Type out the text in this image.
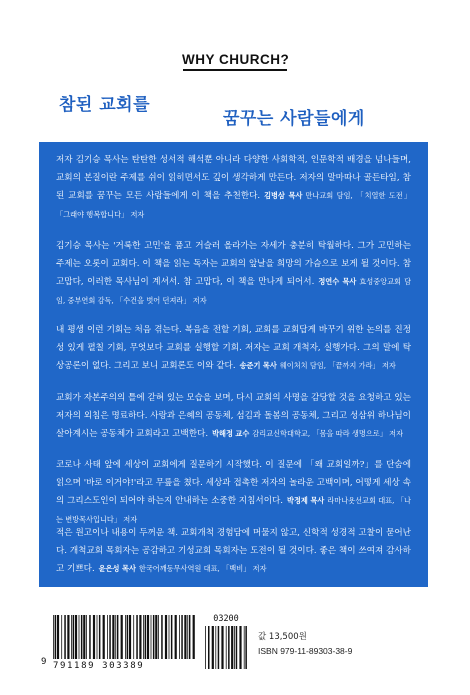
WHY CHURCH?
참된 교회를
꿈꾸는 사람들에게
저자 김기승 목사는 탄탄한 성서적 해석뿐 아니라 다양한 사회학적, 인문학적 배경을 넘나들며, 교회의 본질이란 주제를 쉬이 읽히면서도 깊이 생각하게 만든다. 저자의 말마따나 골든타임, 참된 교회를 꿈꾸는 모든 사람들에게 이 책을 추천한다. 김병삼 목사 만나교회 담임, 「치열한 도전」 「그래야 행복합니다」 저자
김기승 목사는 '거룩한 고민'을 품고 거슬러 올라가는 자세가 충분히 탁월하다. 그가 고민하는 주제는 오롯이 교회다. 이 책을 읽는 독자는 교회의 앞날을 희망의 가슴으로 보게 될 것이다. 참 고맙다, 이러한 목사님이 계셔서. 참 고맙다, 이 책을 만나게 되어서. 정연수 목사 효성중앙교회 담임, 중부연회 감독, 「수건을 벗어 던져라」 저자
내 평생 이런 기회는 처음 겪는다. 복음을 전할 기회, 교회를 교회답게 바꾸기 위한 논의를 진정성 있게 펼칠 기회, 무엇보다 교회를 실행할 기회. 저자는 교회 개척자, 실행가다. 그의 말에 탁상공론이 없다. 그리고 보니 교회론도 이와 같다. 송준기 목사 웨이처치 담임, 「끝까지 가라」 저자
교회가 자본주의의 틀에 갇혀 있는 모습을 보며, 다시 교회의 사명을 감당할 것을 요청하고 있는 저자의 외침은 명료하다. 사랑과 은혜의 공동체, 섬김과 돌봄의 공동체, 그리고 성삼위 하나님이 살아계시는 공동체가 교회라고 고백한다. 박해정 교수 감리교신학대학교, 「몸을 따라 생명으로」 저자
코로나 사태 앞에 세상이 교회에게 질문하기 시작했다. 이 질문에 「왜 교회일까?」를 단숨에 읽으며 '바로 이거야!'라고 무릎을 쳤다. 세상과 접촉한 저자의 놀라운 고백이며, 어떻게 세상 속의 그리스도인이 되어야 하는지 안내하는 소중한 지침서이다. 박정제 목사 라마나욧선교회 대표, 「나는 변방목사입니다」 저자
적은 원고이나 내용이 두꺼운 책. 교회개척 경험담에 머물지 않고, 신학적 성경적 고찰이 묻어난다. 개척교회 목회자는 공감하고 기성교회 목회자는 도전이 될 것이다. 좋은 책이 쓰여져 감사하고 기쁘다. 윤은성 목사 한국어깨동무사역원 대표, 「백비」 저자
9 791189 303389
03200
값 13,500원
ISBN 979-11-89303-38-9
